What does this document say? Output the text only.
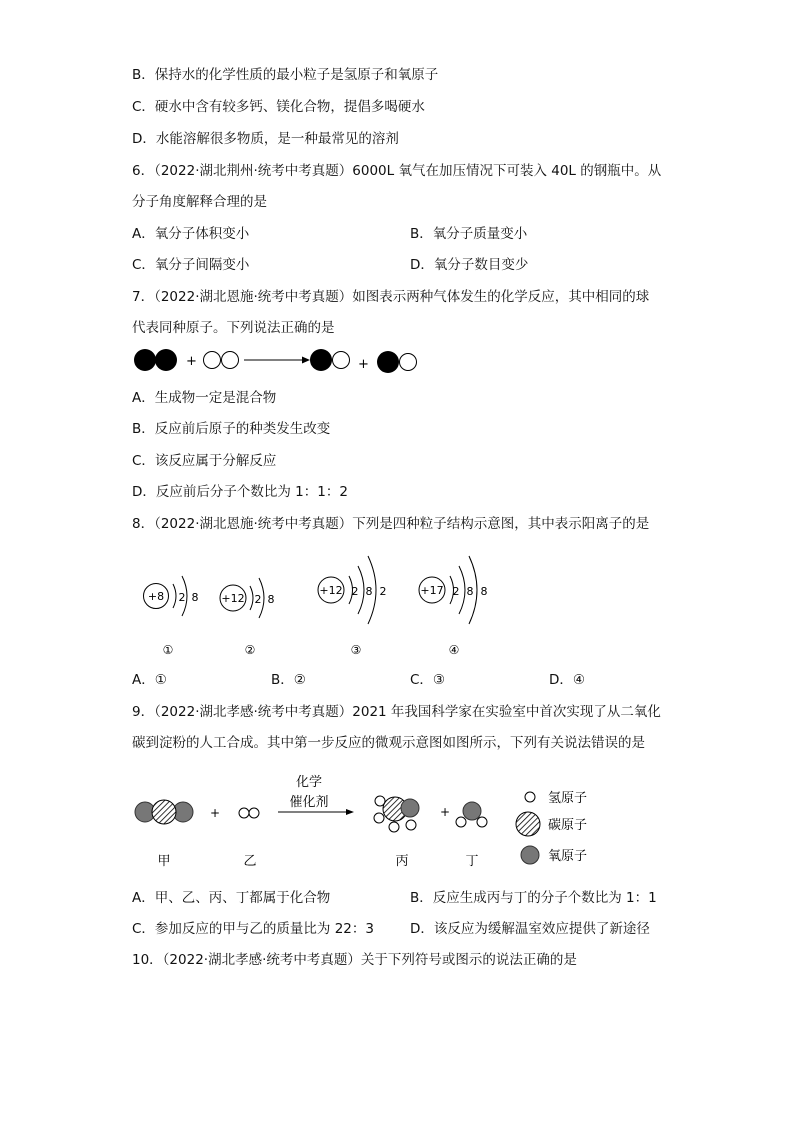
B．保持水的化学性质的最小粒子是氢原子和氧原子
C．硬水中含有较多钙、镁化合物，提倡多喝硬水
D．水能溶解很多物质，是一种最常见的溶剂
6．（2022·湖北荆州·统考中考真题）6000L 氧气在加压情况下可装入 40L 的钢瓶中。从
分子角度解释合理的是
A．氧分子体积变小	B．氧分子质量变小
C．氧分子间隔变小	D．氧分子数目变少
7．（2022·湖北恩施·统考中考真题）如图表示两种气体发生的化学反应，其中相同的球
代表同种原子。下列说法正确的是
+	+
A．生成物一定是混合物
B．反应前后原子的种类发生改变
C．该反应属于分解反应
D．反应前后分子个数比为 1：1：2
8．（2022·湖北恩施·统考中考真题）下列是四种粒子结构示意图，其中表示阳离子的是
+8 2 8
①
+12 2 8
②
+12 2 8 2
③
+17 2 8 8
④
A．①	B．②	C．③	D．④
9．（2022·湖北孝感·统考中考真题）2021 年我国科学家在实验室中首次实现了从二氧化
碳到淀粉的人工合成。其中第一步反应的微观示意图如图所示，下列有关说法错误的是
+
化学
催化剂
+
氢原子
碳原子
氧原子
甲	乙	丙	丁
A．甲、乙、丙、丁都属于化合物	B．反应生成丙与丁的分子个数比为 1：1
C．参加反应的甲与乙的质量比为 22：3	D．该反应为缓解温室效应提供了新途径
10．（2022·湖北孝感·统考中考真题）关于下列符号或图示的说法正确的是
